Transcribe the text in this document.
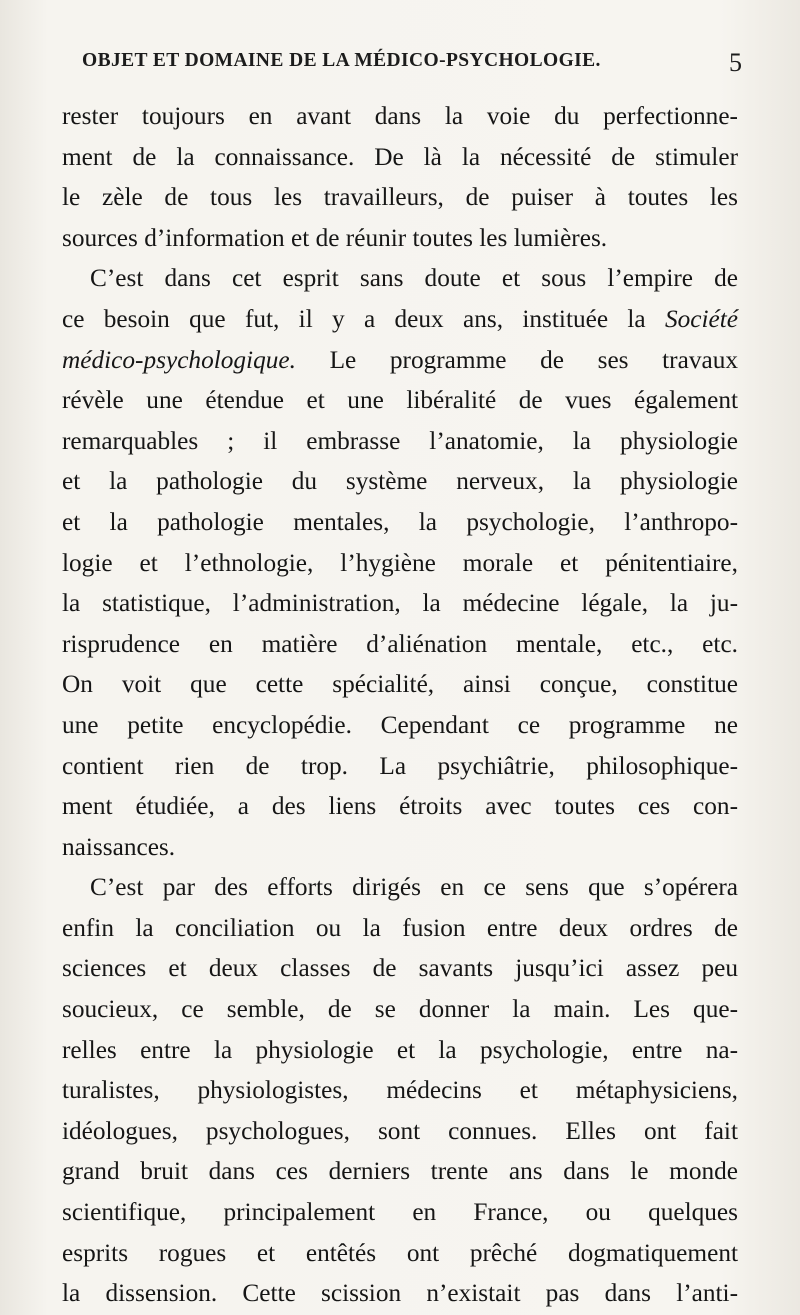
OBJET ET DOMAINE DE LA MÉDICO-PSYCHOLOGIE.	5
rester toujours en avant dans la voie du perfectionne-
ment de la connaissance. De là la nécessité de stimuler
le zèle de tous les travailleurs, de puiser à toutes les
sources d’information et de réunir toutes les lumières.
C’est dans cet esprit sans doute et sous l’empire de
ce besoin que fut, il y a deux ans, instituée la Société
médico-psychologique. Le programme de ses travaux
révèle une étendue et une libéralité de vues également
remarquables ; il embrasse l’anatomie, la physiologie
et la pathologie du système nerveux, la physiologie
et la pathologie mentales, la psychologie, l’anthropo-
logie et l’ethnologie, l’hygiène morale et pénitentiaire,
la statistique, l’administration, la médecine légale, la ju-
risprudence en matière d’aliénation mentale, etc., etc.
On voit que cette spécialité, ainsi conçue, constitue
une petite encyclopédie. Cependant ce programme ne
contient rien de trop. La psychiâtrie, philosophique-
ment étudiée, a des liens étroits avec toutes ces con-
naissances.
C’est par des efforts dirigés en ce sens que s’opérera
enfin la conciliation ou la fusion entre deux ordres de
sciences et deux classes de savants jusqu’ici assez peu
soucieux, ce semble, de se donner la main. Les que-
relles entre la physiologie et la psychologie, entre na-
turalistes, physiologistes, médecins et métaphysiciens,
idéologues, psychologues, sont connues. Elles ont fait
grand bruit dans ces derniers trente ans dans le monde
scientifique, principalement en France, ou quelques
esprits rogues et entêtés ont prêché dogmatiquement
la dissension. Cette scission n’existait pas dans l’anti-
